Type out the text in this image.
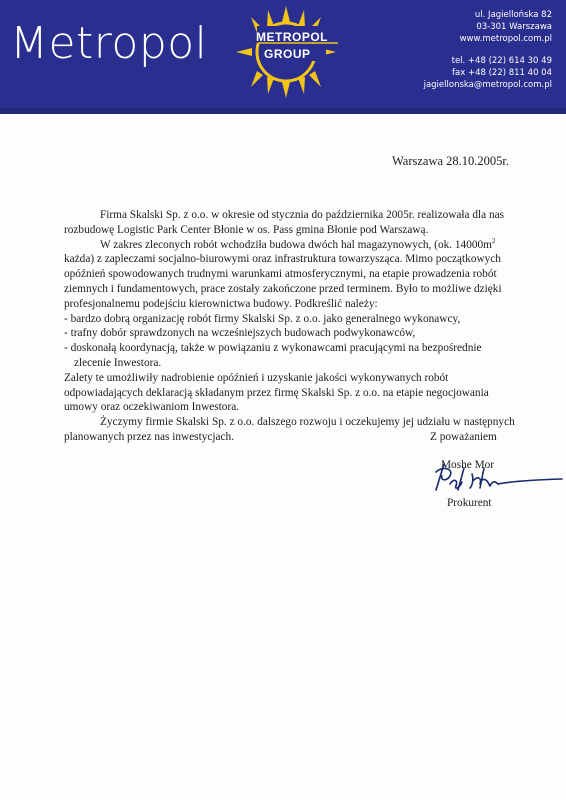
Metropol	METROPOL
GROUP
ul. Jagiellońska 82
03-301 Warszawa
www.metropol.com.pl
tel. +48 (22) 614 30 49
fax +48 (22) 811 40 04
jagiellonska@metropol.com.pl
Warszawa 28.10.2005r.

Firma Skalski Sp. z o.o. w okresie od stycznia do października 2005r. realizowała dla nas rozbudowę Logistic Park Center Błonie w os. Pass gmina Błonie pod Warszawą.

W zakres zleconych robót wchodziła budowa dwóch hal magazynowych, (ok. $14000m^2$ każda) z zapleczami socjalno-biurowymi oraz infrastruktura towarzysząca. Mimo początkowych opóźnień spowodowanych trudnymi warunkami atmosferycznymi, na etapie prowadzenia robót ziemnych i fundamentowych, prace zostały zakończone przed terminem. Było to możliwe dzięki profesjonalnemu podejściu kierownictwa budowy. Podkreślić należy:

- bardzo dobrą organizację robót firmy Skalski Sp. z o.o. jako generalnego wykonawcy,

- trafny dobór sprawdzonych na wcześniejszych budowach podwykonawców,

- doskonałą koordynacją, także w powiązaniu z wykonawcami pracującymi na bezpośrednie

zlecenie Inwestora.

Zalety te umożliwiły nadrobienie opóźnień i uzyskanie jakości wykonywanych robót odpowiadających deklaracją składanym przez firmę Skalski Sp. z o.o. na etapie negocjowania umowy oraz oczekiwaniom Inwestora.

Życzymy firmie Skalski Sp. z o.o. dalszego rozwoju i oczekujemy jej udziału w następnych planowanych przez nas inwestycjach.	Z poważaniem
Moshe Mor
Prokurent
